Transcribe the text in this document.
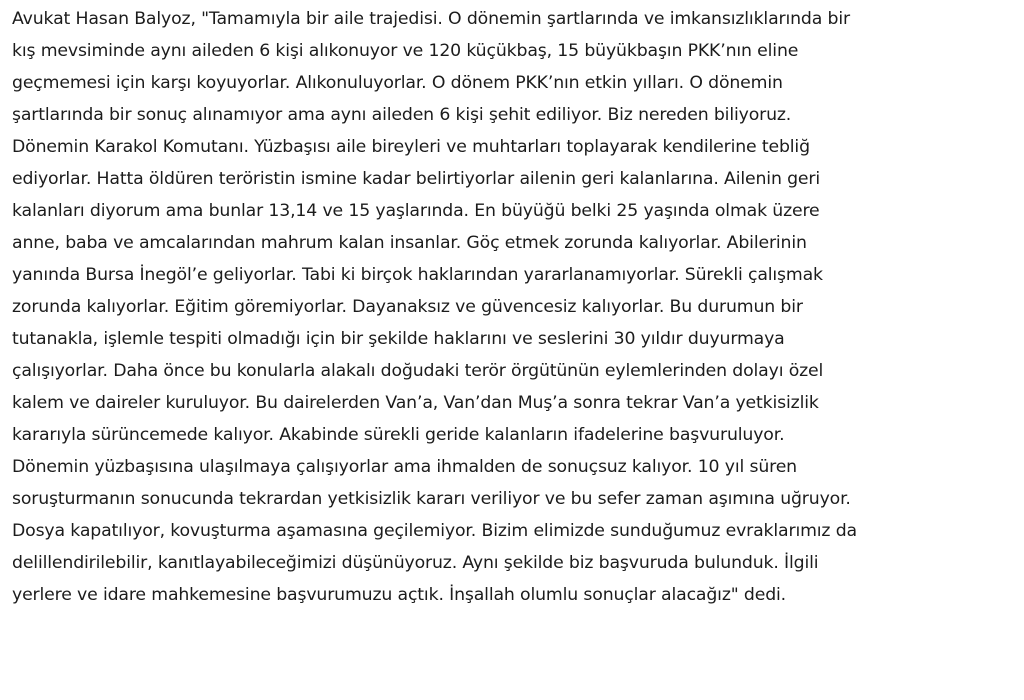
Avukat Hasan Balyoz, "Tamamıyla bir aile trajedisi. O dönemin şartlarında ve imkansızlıklarında bir
kış mevsiminde aynı aileden 6 kişi alıkonuyor ve 120 küçükbaş, 15 büyükbaşın PKK’nın eline
geçmemesi için karşı koyuyorlar. Alıkonuluyorlar. O dönem PKK’nın etkin yılları. O dönemin
şartlarında bir sonuç alınamıyor ama aynı aileden 6 kişi şehit ediliyor. Biz nereden biliyoruz.
Dönemin Karakol Komutanı. Yüzbaşısı aile bireyleri ve muhtarları toplayarak kendilerine tebliğ
ediyorlar. Hatta öldüren teröristin ismine kadar belirtiyorlar ailenin geri kalanlarına. Ailenin geri
kalanları diyorum ama bunlar 13,14 ve 15 yaşlarında. En büyüğü belki 25 yaşında olmak üzere
anne, baba ve amcalarından mahrum kalan insanlar. Göç etmek zorunda kalıyorlar. Abilerinin
yanında Bursa İnegöl’e geliyorlar. Tabi ki birçok haklarından yararlanamıyorlar. Sürekli çalışmak
zorunda kalıyorlar. Eğitim göremiyorlar. Dayanaksız ve güvencesiz kalıyorlar. Bu durumun bir
tutanakla, işlemle tespiti olmadığı için bir şekilde haklarını ve seslerini 30 yıldır duyurmaya
çalışıyorlar. Daha önce bu konularla alakalı doğudaki terör örgütünün eylemlerinden dolayı özel
kalem ve daireler kuruluyor. Bu dairelerden Van’a, Van’dan Muş’a sonra tekrar Van’a yetkisizlik
kararıyla sürüncemede kalıyor. Akabinde sürekli geride kalanların ifadelerine başvuruluyor.
Dönemin yüzbaşısına ulaşılmaya çalışıyorlar ama ihmalden de sonuçsuz kalıyor. 10 yıl süren
soruşturmanın sonucunda tekrardan yetkisizlik kararı veriliyor ve bu sefer zaman aşımına uğruyor.
Dosya kapatılıyor, kovuşturma aşamasına geçilemiyor. Bizim elimizde sunduğumuz evraklarımız da
delillendirilebilir, kanıtlayabileceğimizi düşünüyoruz. Aynı şekilde biz başvuruda bulunduk. İlgili
yerlere ve idare mahkemesine başvurumuzu açtık. İnşallah olumlu sonuçlar alacağız" dedi.
